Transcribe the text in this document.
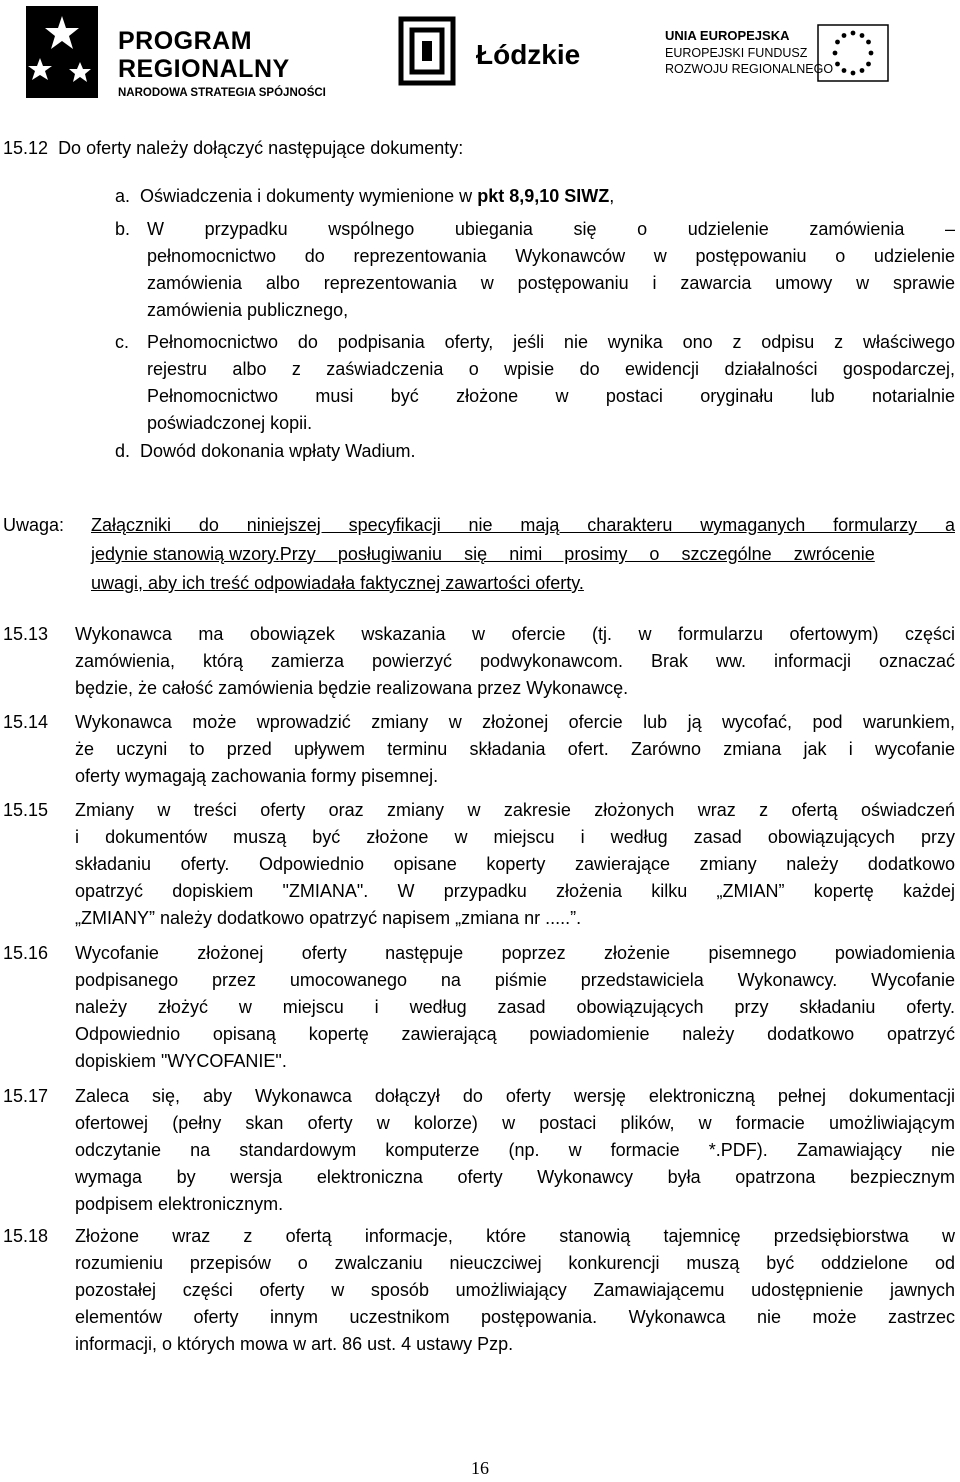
PROGRAM
REGIONALNY
NARODOWA STRATEGIA SPÓJNOŚCI
Łódzkie
UNIA EUROPEJSKA
EUROPEJSKI FUNDUSZ
ROZWOJU REGIONALNEGO
15.12 Do oferty należy dołączyć następujące dokumenty:
a. Oświadczenia i dokumenty wymienione w pkt 8,9,10 SIWZ,
b. W przypadku wspólnego ubiegania się o udzielenie zamówienia –
pełnomocnictwo do reprezentowania Wykonawców w postępowaniu o udzielenie
zamówienia albo reprezentowania w postępowaniu i zawarcia umowy w sprawie
zamówienia publicznego,
c. Pełnomocnictwo do podpisania oferty, jeśli nie wynika ono z odpisu z właściwego
rejestru albo z zaświadczenia o wpisie do ewidencji działalności gospodarczej,
Pełnomocnictwo musi być złożone w postaci oryginału lub notarialnie
poświadczonej kopii.
d. Dowód dokonania wpłaty Wadium.
Uwaga: Załączniki do niniejszej specyfikacji nie mają charakteru wymaganych formularzy a
jedynie stanowią wzory.Przy posługiwaniu się nimi prosimy o szczególne zwrócenie
uwagi, aby ich treść odpowiadała faktycznej zawartości oferty.
15.13 Wykonawca ma obowiązek wskazania w ofercie (tj. w formularzu ofertowym) części
zamówienia, którą zamierza powierzyć podwykonawcom. Brak ww. informacji oznaczać
będzie, że całość zamówienia będzie realizowana przez Wykonawcę.
15.14 Wykonawca może wprowadzić zmiany w złożonej ofercie lub ją wycofać, pod warunkiem,
że uczyni to przed upływem terminu składania ofert. Zarówno zmiana jak i wycofanie
oferty wymagają zachowania formy pisemnej.
15.15 Zmiany w treści oferty oraz zmiany w zakresie złożonych wraz z ofertą oświadczeń
i dokumentów muszą być złożone w miejscu i według zasad obowiązujących przy
składaniu oferty. Odpowiednio opisane koperty zawierające zmiany należy dodatkowo
opatrzyć dopiskiem "ZMIANA". W przypadku złożenia kilku „ZMIAN” kopertę każdej
„ZMIANY” należy dodatkowo opatrzyć napisem „zmiana nr .....”.
15.16 Wycofanie złożonej oferty następuje poprzez złożenie pisemnego powiadomienia
podpisanego przez umocowanego na piśmie przedstawiciela Wykonawcy. Wycofanie
należy złożyć w miejscu i według zasad obowiązujących przy składaniu oferty.
Odpowiednio opisaną kopertę zawierającą powiadomienie należy dodatkowo opatrzyć
dopiskiem "WYCOFANIE".
15.17 Zaleca się, aby Wykonawca dołączył do oferty wersję elektroniczną pełnej dokumentacji
ofertowej (pełny skan oferty w kolorze) w postaci plików, w formacie umożliwiającym
odczytanie na standardowym komputerze (np. w formacie *.PDF). Zamawiający nie
wymaga by wersja elektroniczna oferty Wykonawcy była opatrzona bezpiecznym
podpisem elektronicznym.
15.18 Złożone wraz z ofertą informacje, które stanowią tajemnicę przedsiębiorstwa w
rozumieniu przepisów o zwalczaniu nieuczciwej konkurencji muszą być oddzielone od
pozostałej części oferty w sposób umożliwiający Zamawiającemu udostępnienie jawnych
elementów oferty innym uczestnikom postępowania. Wykonawca nie może zastrzec
informacji, o których mowa w art. 86 ust. 4 ustawy Pzp.
16
